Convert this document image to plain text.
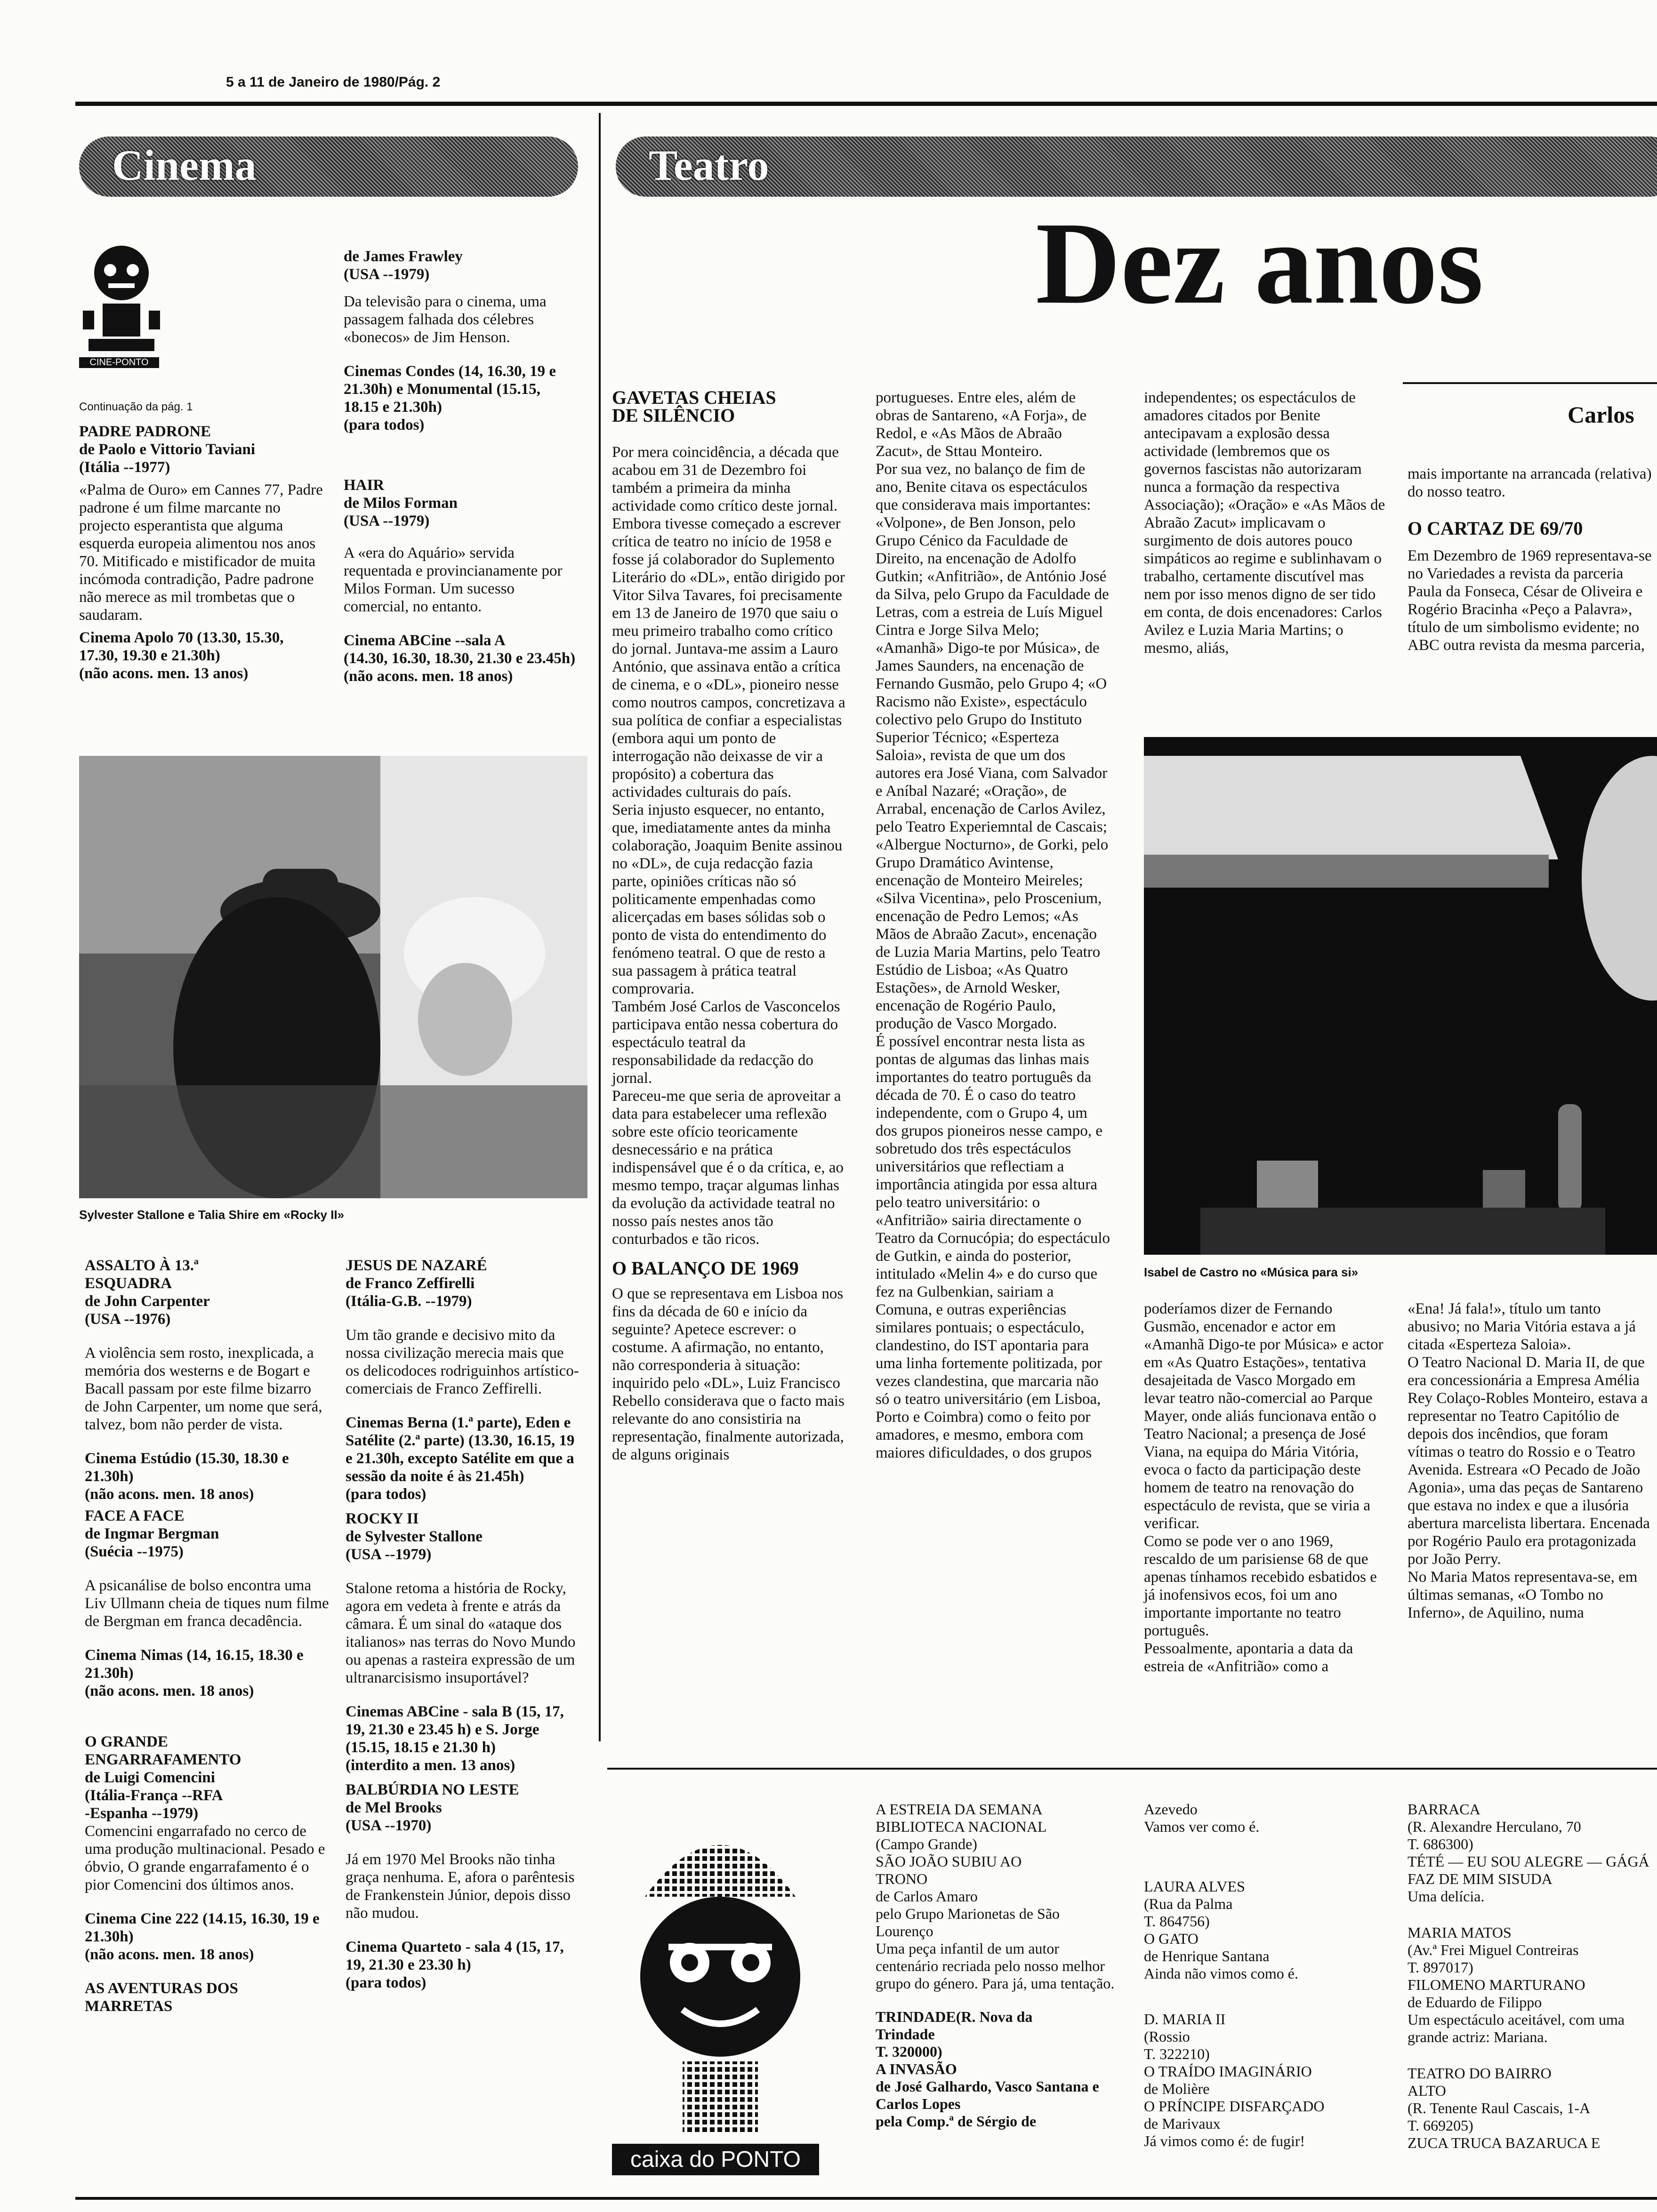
5 a 11 de Janeiro de 1980/Pág. 2
Cinema	Teatro
CINE-PONTO

Continuação da pág. 1

PADRE PADRONE
de Paolo e Vittorio Taviani
(Itália --1977)

«Palma de Ouro» em Cannes 77, Padre padrone é um filme marcante no projecto esperantista que alguma esquerda europeia alimentou nos anos 70. Mitificado e mistificador de muita incómoda contradição, Padre padrone não merece as mil trombetas que o saudaram.

Cinema Apolo 70 (13.30, 15.30, 17.30, 19.30 e 21.30h)
(não acons. men. 13 anos)

de James Frawley
(USA --1979)

Da televisão para o cinema, uma passagem falhada dos célebres «bonecos» de Jim Henson.

Cinemas Condes (14, 16.30, 19 e 21.30h) e Monumental (15.15, 18.15 e 21.30h)
(para todos)

HAIR
de Milos Forman
(USA --1979)

A «era do Aquário» servida requentada e provincianamente por Milos Forman. Um sucesso comercial, no entanto.

Cinema ABCine --sala A
(14.30, 16.30, 18.30, 21.30 e 23.45h)
(não acons. men. 18 anos)

Sylvester Stallone e Talia Shire em «Rocky II»

ASSALTO À 13.ª
ESQUADRA
de John Carpenter
(USA --1976)

A violência sem rosto, inexplicada, a memória dos westerns e de Bogart e Bacall passam por este filme bizarro de John Carpenter, um nome que será, talvez, bom não perder de vista.

Cinema Estúdio (15.30, 18.30 e 21.30h)
(não acons. men. 18 anos)

FACE A FACE
de Ingmar Bergman
(Suécia --1975)

A psicanálise de bolso encontra uma Liv Ullmann cheia de tiques num filme de Bergman em franca decadência.

Cinema Nimas (14, 16.15, 18.30 e 21.30h)
(não acons. men. 18 anos)

O GRANDE
ENGARRAFAMENTO
de Luigi Comencini
(Itália-França --RFA
-Espanha --1979)

Comencini engarrafado no cerco de uma produção multinacional. Pesado e óbvio, O grande engarrafamento é o pior Comencini dos últimos anos.

Cinema Cine 222 (14.15, 16.30, 19 e 21.30h)
(não acons. men. 18 anos)

AS AVENTURAS DOS
MARRETAS

JESUS DE NAZARÉ
de Franco Zeffirelli
(Itália-G.B. --1979)

Um tão grande e decisivo mito da nossa civilização merecia mais que os delicodoces rodriguinhos artístico-comerciais de Franco Zeffirelli.

Cinemas Berna (1.ª parte), Eden e Satélite (2.ª parte) (13.30, 16.15, 19 e 21.30h, excepto Satélite em que a sessão da noite é às 21.45h)
(para todos)

ROCKY II
de Sylvester Stallone
(USA --1979)

Stalone retoma a história de Rocky, agora em vedeta à frente e atrás da câmara. É um sinal do «ataque dos italianos» nas terras do Novo Mundo ou apenas a rasteira expressão de um ultranarcisismo insuportável?

Cinemas ABCine - sala B (15, 17, 19, 21.30 e 23.45 h) e S. Jorge (15.15, 18.15 e 21.30 h)
(interdito a men. 13 anos)

BALBÚRDIA NO LESTE
de Mel Brooks
(USA --1970)

Já em 1970 Mel Brooks não tinha graça nenhuma. E, afora o parêntesis de Frankenstein Júnior, depois disso não mudou.

Cinema Quarteto - sala 4 (15, 17, 19, 21.30 e 23.30 h)
(para todos)

Dez anos
Carlos

GAVETAS CHEIAS
DE SILÊNCIO

Por mera coincidência, a década que acabou em 31 de Dezembro foi também a primeira da minha actividade como crítico deste jornal. Embora tivesse começado a escrever crítica de teatro no início de 1958 e fosse já colaborador do Suplemento Literário do «DL», então dirigido por Vitor Silva Tavares, foi precisamente em 13 de Janeiro de 1970 que saiu o meu primeiro trabalho como crítico do jornal. Juntava-me assim a Lauro António, que assinava então a crítica de cinema, e o «DL», pioneiro nesse como noutros campos, concretizava a sua política de confiar a especialistas (embora aqui um ponto de interrogação não deixasse de vir a propósito) a cobertura das actividades culturais do país.
Seria injusto esquecer, no entanto, que, imediatamente antes da minha colaboração, Joaquim Benite assinou no «DL», de cuja redacção fazia parte, opiniões críticas não só politicamente empenhadas como alicerçadas em bases sólidas sob o ponto de vista do entendimento do fenómeno teatral. O que de resto a sua passagem à prática teatral comprovaria.
Também José Carlos de Vasconcelos participava então nessa cobertura do espectáculo teatral da responsabilidade da redacção do jornal.
Pareceu-me que seria de aproveitar a data para estabelecer uma reflexão sobre este ofício teoricamente desnecessário e na prática indispensável que é o da crítica, e, ao mesmo tempo, traçar algumas linhas da evolução da actividade teatral no nosso país nestes anos tão conturbados e tão ricos.

O BALANÇO DE 1969

O que se representava em Lisboa nos fins da década de 60 e início da seguinte? Apetece escrever: o costume. A afirmação, no entanto, não corresponderia à situação: inquirido pelo «DL», Luiz Francisco Rebello considerava que o facto mais relevante do ano consistiria na representação, finalmente autorizada, de alguns originais

portugueses. Entre eles, além de obras de Santareno, «A Forja», de Redol, e «As Mãos de Abraão Zacut», de Sttau Monteiro.
Por sua vez, no balanço de fim de ano, Benite citava os espectáculos que considerava mais importantes: «Volpone», de Ben Jonson, pelo Grupo Cénico da Faculdade de Direito, na encenação de Adolfo Gutkin; «Anfitrião», de António José da Silva, pelo Grupo da Faculdade de Letras, com a estreia de Luís Miguel Cintra e Jorge Silva Melo; «Amanhã» Digo-te por Música», de James Saunders, na encenação de Fernando Gusmão, pelo Grupo 4; «O Racismo não Existe», espectáculo colectivo pelo Grupo do Instituto Superior Técnico; «Esperteza Saloia», revista de que um dos autores era José Viana, com Salvador e Aníbal Nazaré; «Oração», de Arrabal, encenação de Carlos Avilez, pelo Teatro Experiemntal de Cascais; «Albergue Nocturno», de Gorki, pelo Grupo Dramático Avintense, encenação de Monteiro Meireles; «Silva Vicentina», pelo Proscenium, encenação de Pedro Lemos; «As Mãos de Abraão Zacut», encenação de Luzia Maria Martins, pelo Teatro Estúdio de Lisboa; «As Quatro Estações», de Arnold Wesker, encenação de Rogério Paulo, produção de Vasco Morgado.
É possível encontrar nesta lista as pontas de algumas das linhas mais importantes do teatro português da década de 70. É o caso do teatro independente, com o Grupo 4, um dos grupos pioneiros nesse campo, e sobretudo dos três espectáculos universitários que reflectiam a importância atingida por essa altura pelo teatro universitário: o «Anfitrião» sairia directamente o Teatro da Cornucópia; do espectáculo de Gutkin, e ainda do posterior, intitulado «Melin 4» e do curso que fez na Gulbenkian, sairiam a Comuna, e outras experiências similares pontuais; o espectáculo, clandestino, do IST apontaria para uma linha fortemente politizada, por vezes clandestina, que marcaria não só o teatro universitário (em Lisboa, Porto e Coimbra) como o feito por amadores, e mesmo, embora com maiores dificuldades, o dos grupos

independentes; os espectáculos de amadores citados por Benite antecipavam a explosão dessa actividade (lembremos que os governos fascistas não autorizaram nunca a formação da respectiva Associação); «Oração» e «As Mãos de Abraão Zacut» implicavam o surgimento de dois autores pouco simpáticos ao regime e sublinhavam o trabalho, certamente discutível mas nem por isso menos digno de ser tido em conta, de dois encenadores: Carlos Avilez e Luzia Maria Martins; o mesmo, aliás,

mais importante na arrancada (relativa) do nosso teatro.

O CARTAZ DE 69/70

Em Dezembro de 1969 representava-se no Variedades a revista da parceria Paula da Fonseca, César de Oliveira e Rogério Bracinha «Peço a Palavra», título de um simbolismo evidente; no ABC outra revista da mesma parceria,

Isabel de Castro no «Música para si»

poderíamos dizer de Fernando Gusmão, encenador e actor em «Amanhã Digo-te por Música» e actor em «As Quatro Estações», tentativa desajeitada de Vasco Morgado em levar teatro não-comercial ao Parque Mayer, onde aliás funcionava então o Teatro Nacional; a presença de José Viana, na equipa do Mária Vitória, evoca o facto da participação deste homem de teatro na renovação do espectáculo de revista, que se viria a verificar.
Como se pode ver o ano 1969, rescaldo de um parisiense 68 de que apenas tínhamos recebido esbatidos e já inofensivos ecos, foi um ano importante importante no teatro português.
Pessoalmente, apontaria a data da estreia de «Anfitrião» como a

«Ena! Já fala!», título um tanto abusivo; no Maria Vitória estava a já citada «Esperteza Saloia».
O Teatro Nacional D. Maria II, de que era concessionária a Empresa Amélia Rey Colaço-Robles Monteiro, estava a representar no Teatro Capitólio de depois dos incêndios, que foram vítimas o teatro do Rossio e o Teatro Avenida. Estreara «O Pecado de João Agonia», uma das peças de Santareno que estava no index e que a ilusória abertura marcelista libertara. Encenada por Rogério Paulo era protagonizada por João Perry.
No Maria Matos representava-se, em últimas semanas, «O Tombo no Inferno», de Aquilino, numa

caixa do PONTO

A ESTREIA DA SEMANA
BIBLIOTECA NACIONAL
(Campo Grande)
SÃO JOÃO SUBIU AO
TRONO
de Carlos Amaro
pelo Grupo Marionetas de São Lourenço
Uma peça infantil de um autor centenário recriada pelo nosso melhor grupo do género. Para já, uma tentação.

TRINDADE(R. Nova da
Trindade
T. 320000)
A INVASÃO
de José Galhardo, Vasco Santana e Carlos Lopes
pela Comp.ª de Sérgio de

Azevedo
Vamos ver como é.

LAURA ALVES
(Rua da Palma
T. 864756)
O GATO
de Henrique Santana
Ainda não vimos como é.

D. MARIA II
(Rossio
T. 322210)
O TRAÍDO IMAGINÁRIO
de Molière
O PRÍNCIPE DISFARÇADO
de Marivaux
Já vimos como é: de fugir!

BARRACA
(R. Alexandre Herculano, 70
T. 686300)
TÉTÉ — EU SOU ALEGRE — GÁGÁ FAZ DE MIM SISUDA
Uma delícia.

MARIA MATOS
(Av.ª Frei Miguel Contreiras
T. 897017)
FILOMENO MARTURANO
de Eduardo de Filippo
Um espectáculo aceitável, com uma grande actriz: Mariana.

TEATRO DO BAIRRO
ALTO
(R. Tenente Raul Cascais, 1-A
T. 669205)
ZUCA TRUCA BAZARUCA E
